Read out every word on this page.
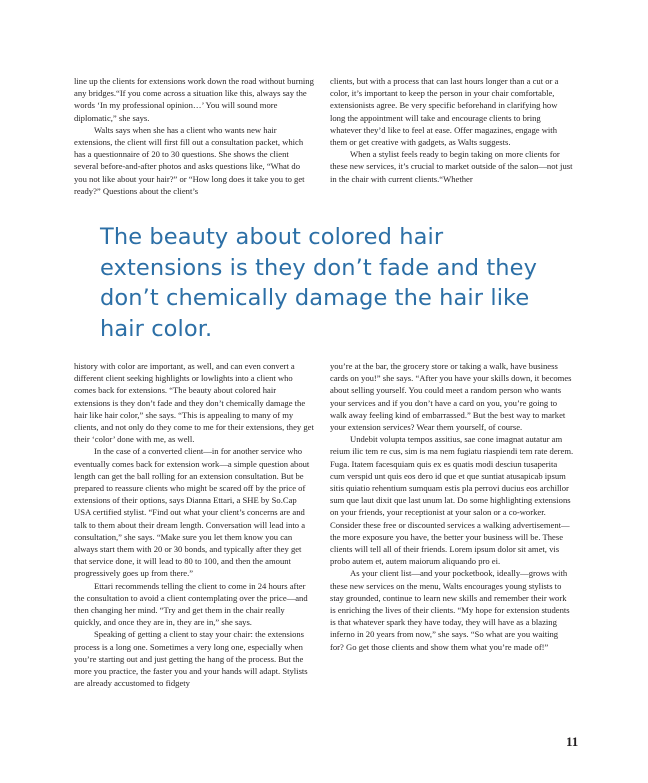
line up the clients for extensions work down the road without burning any bridges.“If you come across a situation like this, always say the words ‘In my professional opinion…’ You will sound more diplomatic,” she says.

Walts says when she has a client who wants new hair extensions, the client will first fill out a consultation packet, which has a questionnaire of 20 to 30 questions. She shows the client several before-and-after photos and asks questions like, “What do you not like about your hair?” or “How long does it take you to get ready?” Questions about the client’s

clients, but with a process that can last hours longer than a cut or a color, it’s important to keep the person in your chair comfortable, extensionists agree. Be very specific beforehand in clarifying how long the appointment will take and encourage clients to bring whatever they’d like to feel at ease. Offer magazines, engage with them or get creative with gadgets, as Walts suggests.

When a stylist feels ready to begin taking on more clients for these new services, it’s crucial to market outside of the salon—not just in the chair with current clients.“Whether

The beauty about colored hair extensions is they don’t fade and they don’t chemically damage the hair like hair color.

history with color are important, as well, and can even convert a different client seeking highlights or lowlights into a client who comes back for extensions. “The beauty about colored hair extensions is they don’t fade and they don’t chemically damage the hair like hair color,” she says. “This is appealing to many of my clients, and not only do they come to me for their extensions, they get their ‘color’ done with me, as well.

In the case of a converted client—in for another service who eventually comes back for extension work—a simple question about length can get the ball rolling for an extension consultation. But be prepared to reassure clients who might be scared off by the price of extensions of their options, says Dianna Ettari, a SHE by So.Cap USA certified stylist. “Find out what your client’s concerns are and talk to them about their dream length. Conversation will lead into a consultation,” she says. “Make sure you let them know you can always start them with 20 or 30 bonds, and typically after they get that service done, it will lead to 80 to 100, and then the amount progressively goes up from there.”

Ettari recommends telling the client to come in 24 hours after the consultation to avoid a client contemplating over the price—and then changing her mind. “Try and get them in the chair really quickly, and once they are in, they are in,” she says.

Speaking of getting a client to stay your chair: the extensions process is a long one. Sometimes a very long one, especially when you’re starting out and just getting the hang of the process. But the more you practice, the faster you and your hands will adapt. Stylists are already accustomed to fidgety

you’re at the bar, the grocery store or taking a walk, have business cards on you!” she says. “After you have your skills down, it becomes about selling yourself. You could meet a random person who wants your services and if you don’t have a card on you, you’re going to walk away feeling kind of embarrassed.” But the best way to market your extension services? Wear them yourself, of course.

Undebit volupta tempos assitius, sae cone imagnat autatur am reium ilic tem re cus, sim is ma nem fugiatu riaspiendi tem rate derem. Fuga. Itatem facesquiam quis ex es quatis modi desciun tusaperita cum verspid unt quis eos dero id que et que suntiat atusapicab ipsum sitis quiatio rehentium sumquam estis pla perrovi ducius eos archillor sum que laut dixit que last unum lat. Do some highlighting extensions on your friends, your receptionist at your salon or a co-worker. Consider these free or discounted services a walking advertisement—the more exposure you have, the better your business will be. These clients will tell all of their friends. Lorem ipsum dolor sit amet, vis probo autem et, autem maiorum aliquando pro ei.

As your client list—and your pocketbook, ideally—grows with these new services on the menu, Walts encourages young stylists to stay grounded, continue to learn new skills and remember their work is enriching the lives of their clients. “My hope for extension students is that whatever spark they have today, they will have as a blazing inferno in 20 years from now,” she says. “So what are you waiting for? Go get those clients and show them what you’re made of!”

11
